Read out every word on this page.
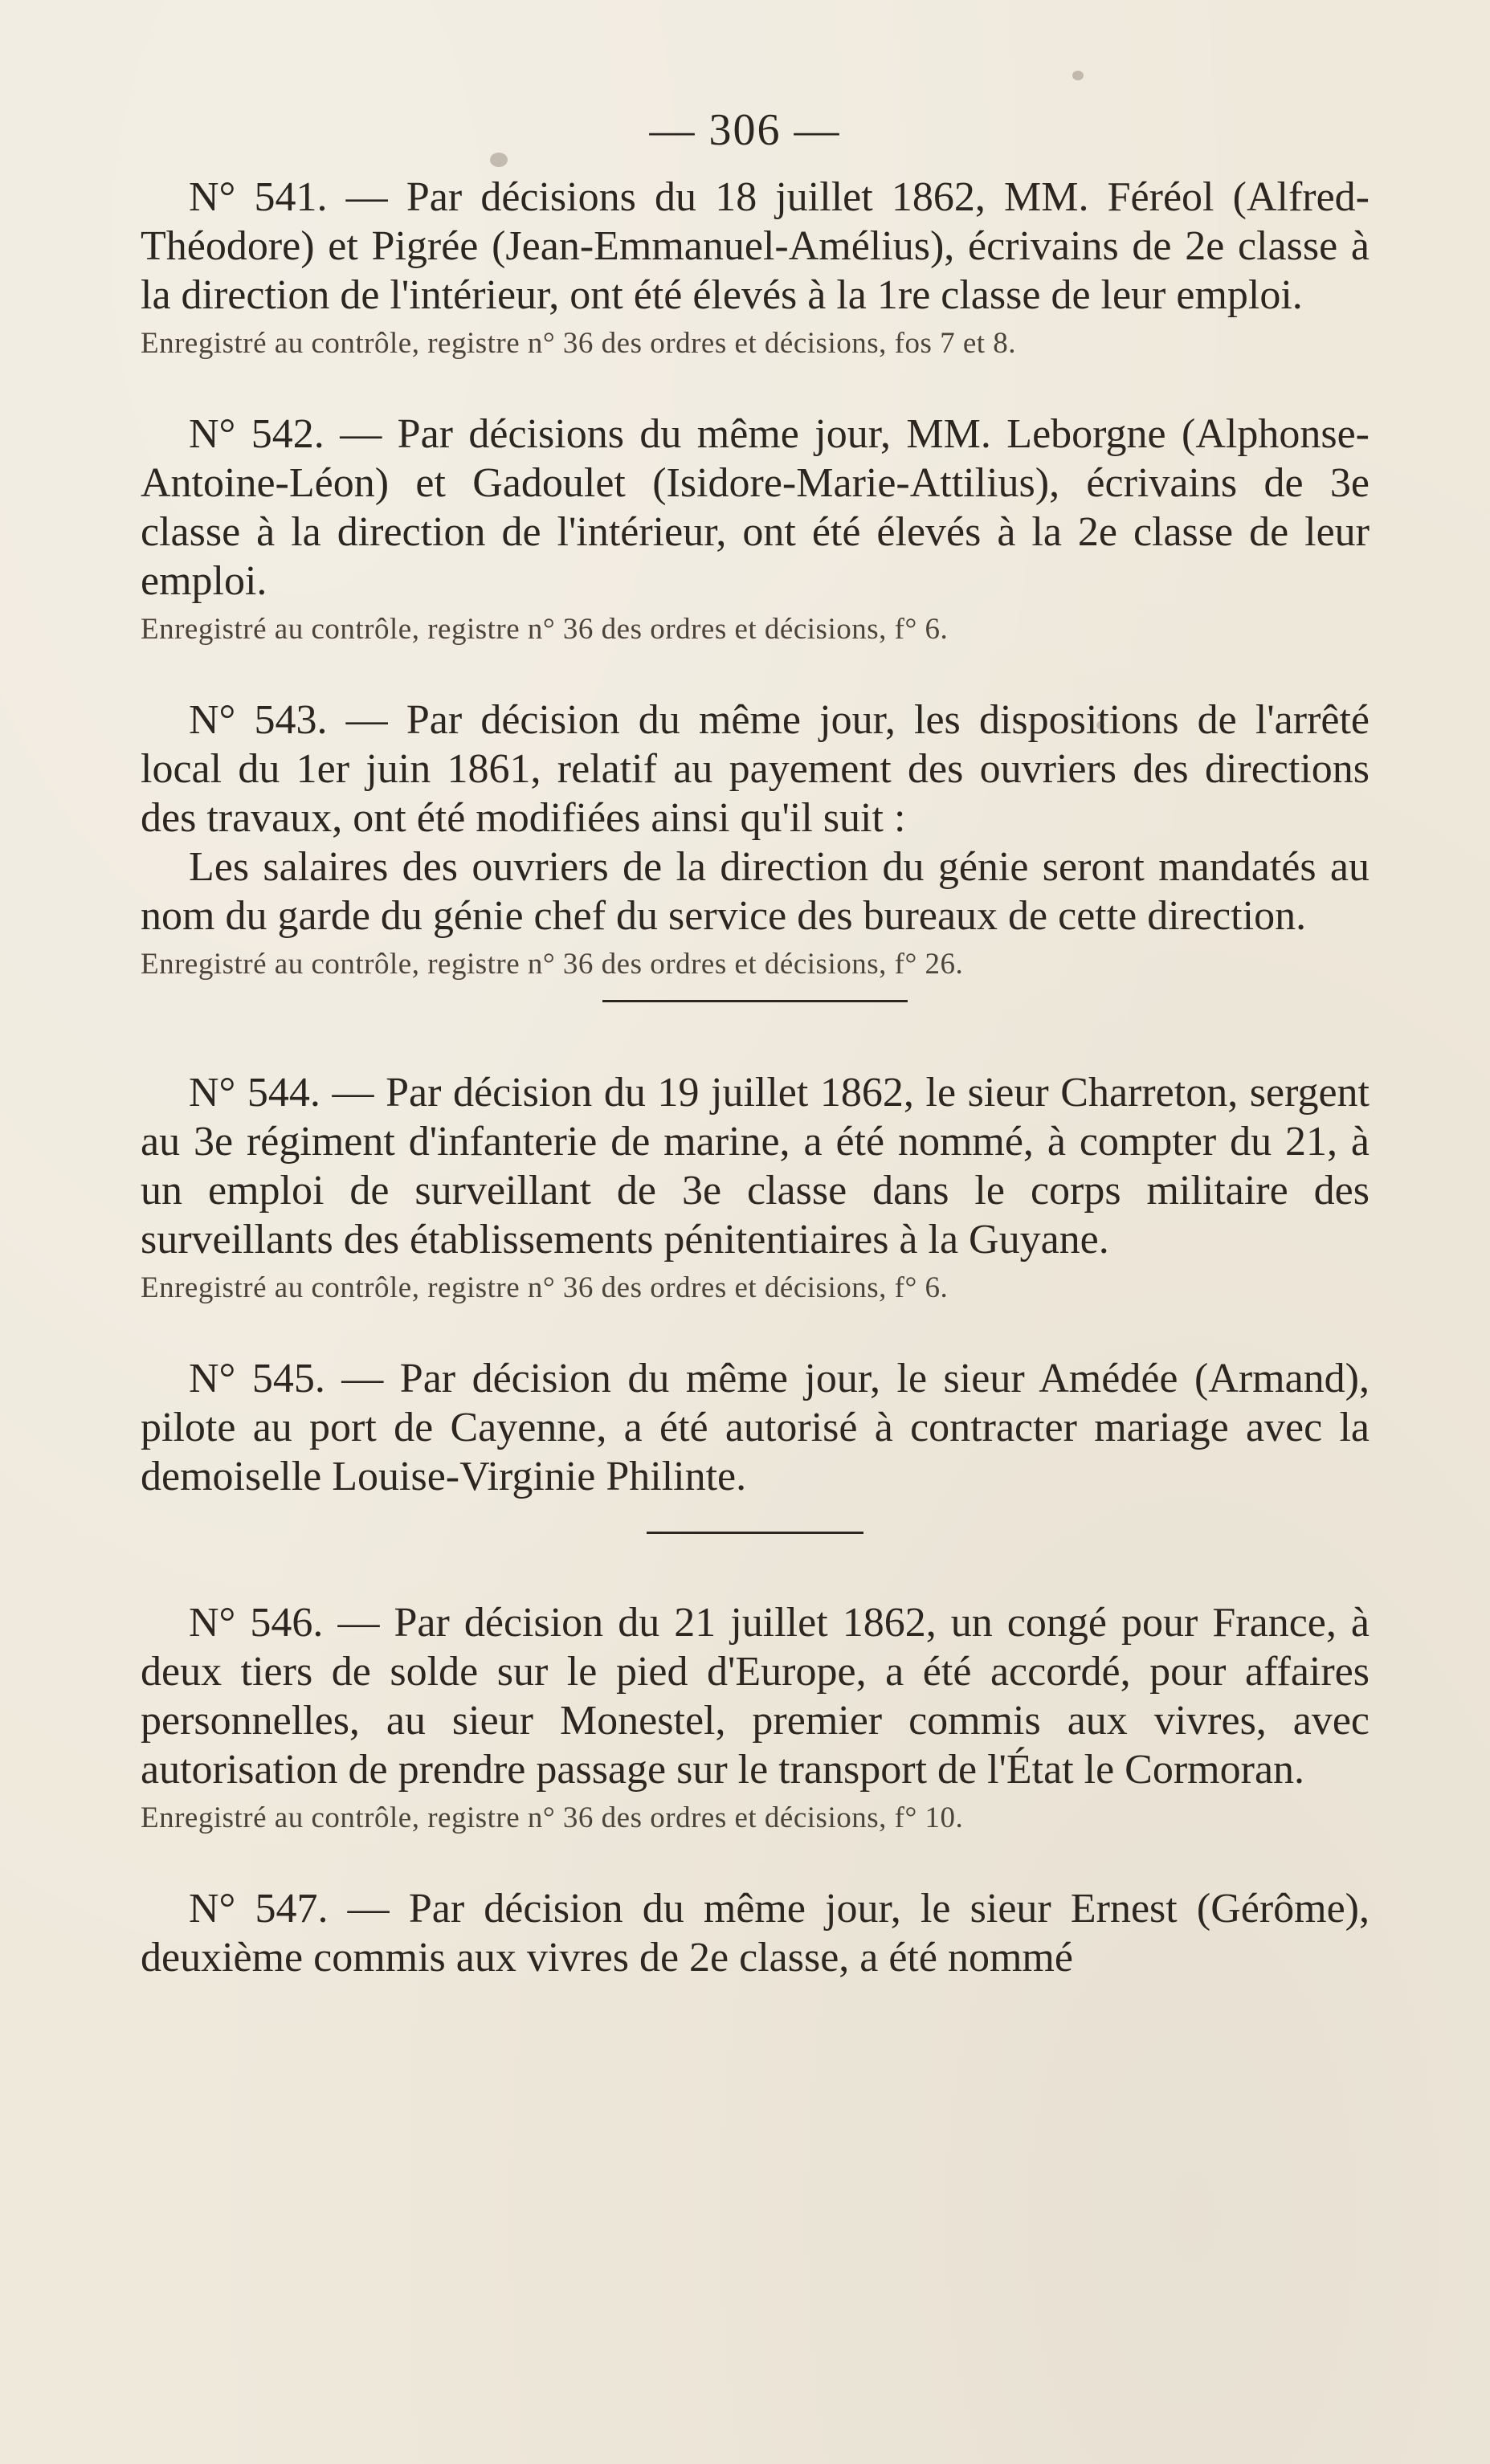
— 306 —

N° 541. — Par décisions du 18 juillet 1862, MM. Féréol (Alfred-Théodore) et Pigrée (Jean-Emmanuel-Amélius), écrivains de 2e classe à la direction de l'intérieur, ont été élevés à la 1re classe de leur emploi.

Enregistré au contrôle, registre n° 36 des ordres et décisions, fos 7 et 8.

N° 542. — Par décisions du même jour, MM. Leborgne (Alphonse-Antoine-Léon) et Gadoulet (Isidore-Marie-Attilius), écrivains de 3e classe à la direction de l'intérieur, ont été élevés à la 2e classe de leur emploi.

Enregistré au contrôle, registre n° 36 des ordres et décisions, f° 6.

N° 543. — Par décision du même jour, les dispositions de l'arrêté local du 1er juin 1861, relatif au payement des ouvriers des directions des travaux, ont été modifiées ainsi qu'il suit :

Les salaires des ouvriers de la direction du génie seront mandatés au nom du garde du génie chef du service des bureaux de cette direction.

Enregistré au contrôle, registre n° 36 des ordres et décisions, f° 26.

N° 544. — Par décision du 19 juillet 1862, le sieur Charreton, sergent au 3e régiment d'infanterie de marine, a été nommé, à compter du 21, à un emploi de surveillant de 3e classe dans le corps militaire des surveillants des établissements pénitentiaires à la Guyane.

Enregistré au contrôle, registre n° 36 des ordres et décisions, f° 6.

N° 545. — Par décision du même jour, le sieur Amédée (Armand), pilote au port de Cayenne, a été autorisé à contracter mariage avec la demoiselle Louise-Virginie Philinte.

N° 546. — Par décision du 21 juillet 1862, un congé pour France, à deux tiers de solde sur le pied d'Europe, a été accordé, pour affaires personnelles, au sieur Monestel, premier commis aux vivres, avec autorisation de prendre passage sur le transport de l'État le Cormoran.

Enregistré au contrôle, registre n° 36 des ordres et décisions, f° 10.

N° 547. — Par décision du même jour, le sieur Ernest (Gérôme), deuxième commis aux vivres de 2e classe, a été nommé
